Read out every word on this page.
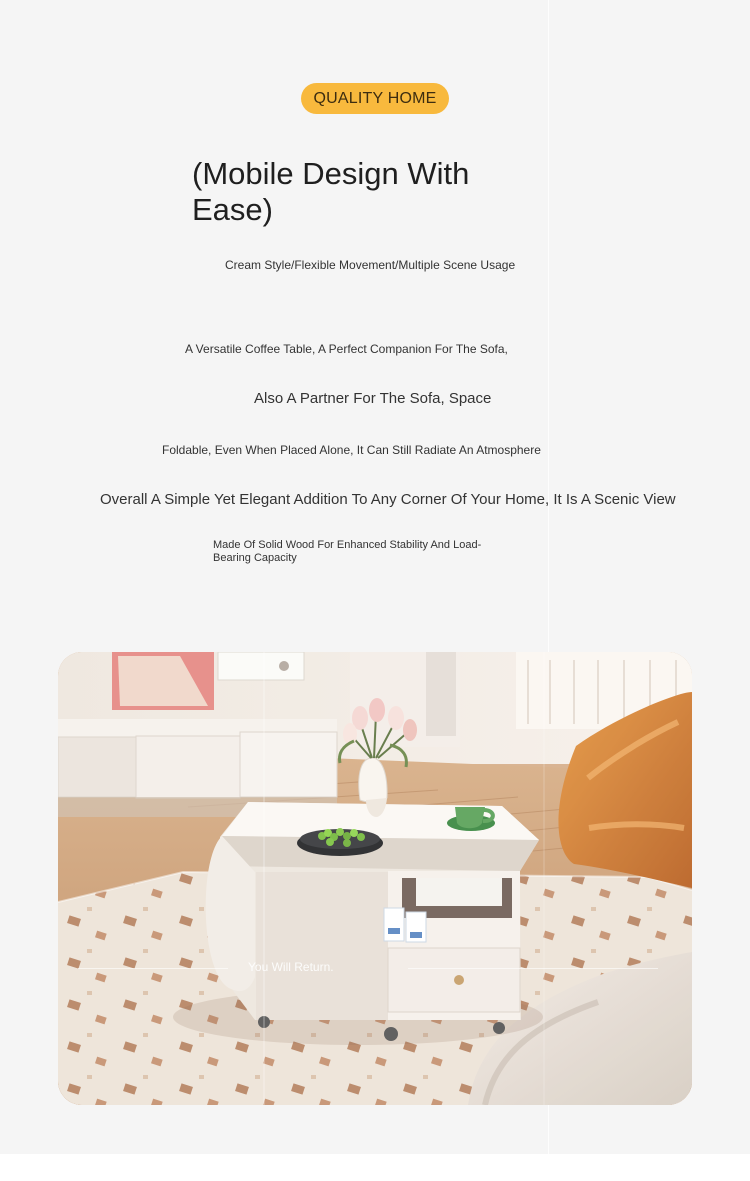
QUALITY HOME
(Mobile Design With Ease)

Cream Style/Flexible Movement/Multiple Scene Usage

A Versatile Coffee Table, A Perfect Companion For The Sofa,

Also A Partner For The Sofa, Space

Foldable, Even When Placed Alone, It Can Still Radiate An Atmosphere

Overall A Simple Yet Elegant Addition To Any Corner Of Your Home, It Is A Scenic View

Made Of Solid Wood For Enhanced Stability And Load-Bearing Capacity

You Will Return.
